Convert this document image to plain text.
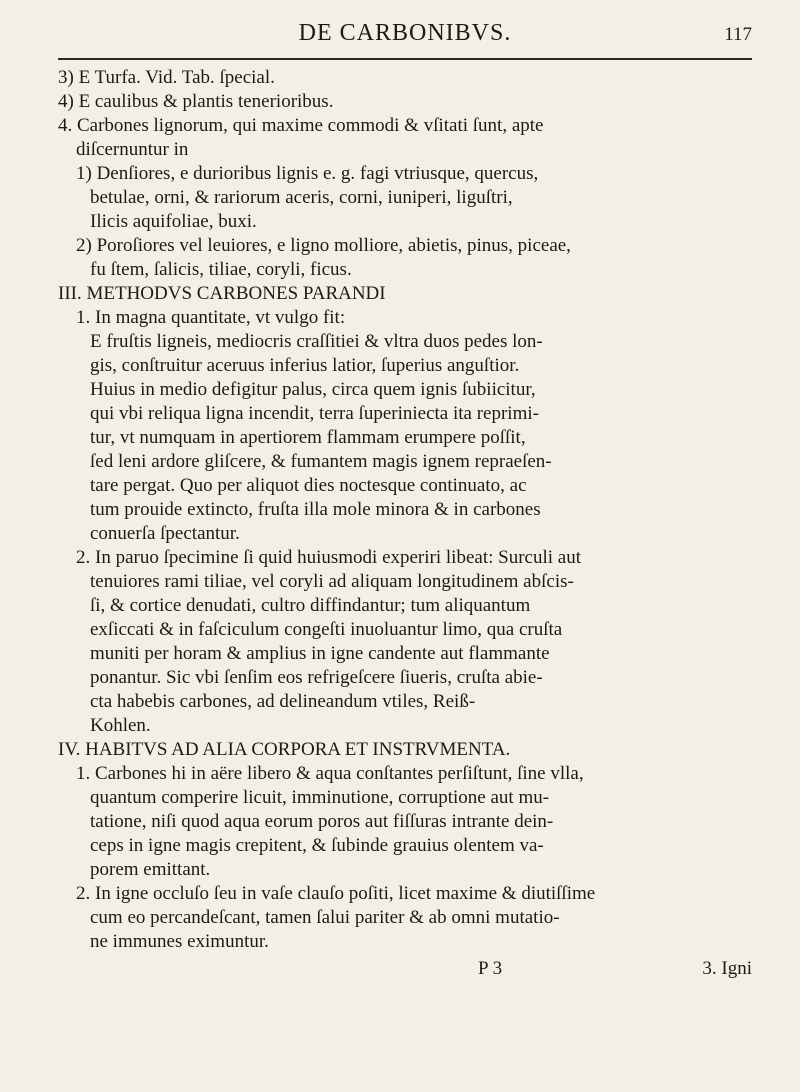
DE CARBONIBVS.	117
3) E Turfa. Vid. Tab. ſpecial.
4) E caulibus & plantis tenerioribus.
4. Carbones lignorum, qui maxime commodi & vſitati ſunt, apte
diſcernuntur in
1) Denſiores, e durioribus lignis e. g. fagi vtriusque, quercus,
betulae, orni, & rariorum aceris, corni, iuniperi, liguſtri,
Ilicis aquifoliae, buxi.
2) Poroſiores vel leuiores, e ligno molliore, abietis, pinus, piceae,
fu ſtem, ſalicis, tiliae, coryli, ficus.
III. METHODVS CARBONES PARANDI
1. In magna quantitate, vt vulgo fit:
E fruſtis ligneis, mediocris craſſitiei & vltra duos pedes lon-
gis, conſtruitur aceruus inferius latior, ſuperius anguſtior.
Huius in medio defigitur palus, circa quem ignis ſubiicitur,
qui vbi reliqua ligna incendit, terra ſuperiniecta ita reprimi-
tur, vt numquam in apertiorem flammam erumpere poſſit,
ſed leni ardore gliſcere, & fumantem magis ignem repraeſen-
tare pergat. Quo per aliquot dies noctesque continuato, ac
tum prouide extincto, fruſta illa mole minora & in carbones
conuerſa ſpectantur.
2. In paruo ſpecimine ſi quid huiusmodi experiri libeat: Surculi aut
tenuiores rami tiliae, vel coryli ad aliquam longitudinem abſcis-
ſi, & cortice denudati, cultro diffindantur; tum aliquantum
exſiccati & in faſciculum congeſti inuoluantur limo, qua cruſta
muniti per horam & amplius in igne candente aut flammante
ponantur. Sic vbi ſenſim eos refrigeſcere ſiueris, cruſta abie-
cta habebis carbones, ad delineandum vtiles, Reiß-
Kohlen.
IV. HABITVS AD ALIA CORPORA ET INSTRVMENTA.
1. Carbones hi in aëre libero & aqua conſtantes perſiſtunt, ſine vlla,
quantum comperire licuit, imminutione, corruptione aut mu-
tatione, niſi quod aqua eorum poros aut fiſſuras intrante dein-
ceps in igne magis crepitent, & ſubinde grauius olentem va-
porem emittant.
2. In igne occluſo ſeu in vaſe clauſo poſiti, licet maxime & diutiſſime
cum eo percandeſcant, tamen ſalui pariter & ab omni mutatio-
ne immunes eximuntur.
P 3	3. Igni
